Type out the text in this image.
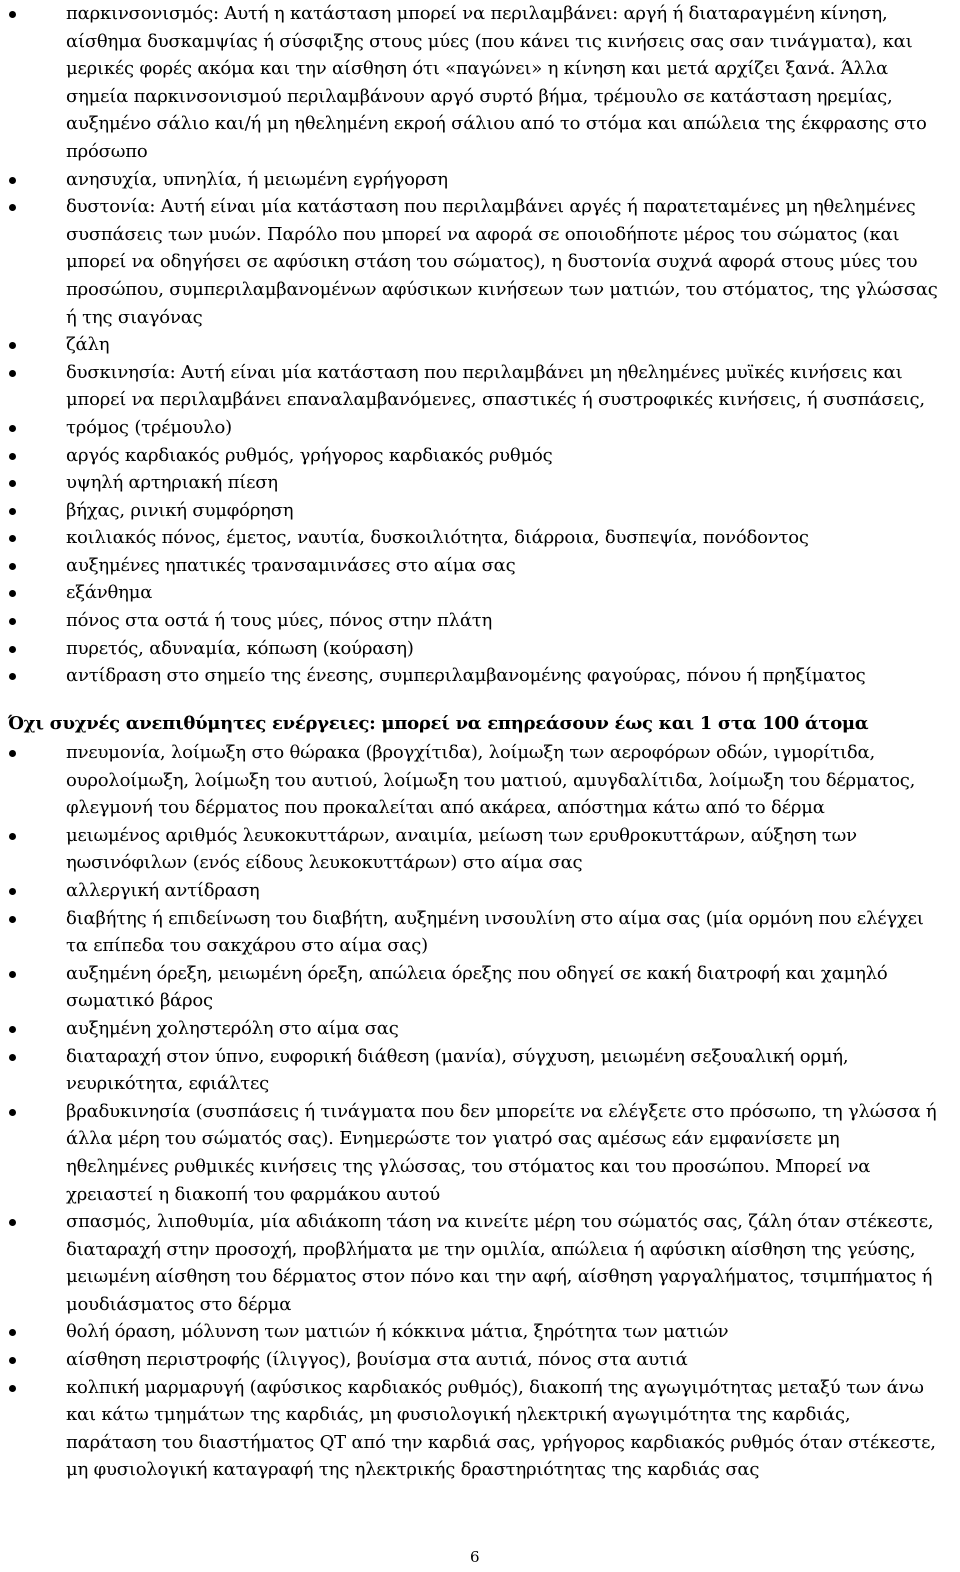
παρκινσονισμός: Αυτή η κατάσταση μπορεί να περιλαμβάνει: αργή ή διαταραγμένη κίνηση, αίσθημα δυσκαμψίας ή σύσφιξης στους μύες (που κάνει τις κινήσεις σας σαν τινάγματα), και μερικές φορές ακόμα και την αίσθηση ότι «παγώνει» η κίνηση και μετά αρχίζει ξανά. Άλλα σημεία παρκινσονισμού περιλαμβάνουν αργό συρτό βήμα, τρέμουλο σε κατάσταση ηρεμίας, αυξημένο σάλιο και/ή μη ηθελημένη εκροή σάλιου από το στόμα και απώλεια της έκφρασης στο πρόσωπο
ανησυχία, υπνηλία, ή μειωμένη εγρήγορση
δυστονία: Αυτή είναι μία κατάσταση που περιλαμβάνει αργές ή παρατεταμένες μη ηθελημένες συσπάσεις των μυών. Παρόλο που μπορεί να αφορά σε οποιοδήποτε μέρος του σώματος (και μπορεί να οδηγήσει σε αφύσικη στάση του σώματος), η δυστονία συχνά αφορά στους μύες του προσώπου, συμπεριλαμβανομένων αφύσικων κινήσεων των ματιών, του στόματος, της γλώσσας ή της σιαγόνας
ζάλη
δυσκινησία: Αυτή είναι μία κατάσταση που περιλαμβάνει μη ηθελημένες μυϊκές κινήσεις και μπορεί να περιλαμβάνει επαναλαμβανόμενες, σπαστικές ή συστροφικές κινήσεις, ή συσπάσεις,
τρόμος (τρέμουλο)
αργός καρδιακός ρυθμός, γρήγορος καρδιακός ρυθμός
υψηλή αρτηριακή πίεση
βήχας, ρινική συμφόρηση
κοιλιακός πόνος, έμετος, ναυτία, δυσκοιλιότητα, διάρροια, δυσπεψία, πονόδοντος
αυξημένες ηπατικές τρανσαμινάσες στο αίμα σας
εξάνθημα
πόνος στα οστά ή τους μύες, πόνος στην πλάτη
πυρετός, αδυναμία, κόπωση (κούραση)
αντίδραση στο σημείο της ένεσης, συμπεριλαμβανομένης φαγούρας, πόνου ή πρηξίματος

Όχι συχνές ανεπιθύμητες ενέργειες: μπορεί να επηρεάσουν έως και 1 στα 100 άτομα

πνευμονία, λοίμωξη στο θώρακα (βρογχίτιδα), λοίμωξη των αεροφόρων οδών, ιγμορίτιδα, ουρολοίμωξη, λοίμωξη του αυτιού, λοίμωξη του ματιού, αμυγδαλίτιδα, λοίμωξη του δέρματος, φλεγμονή του δέρματος που προκαλείται από ακάρεα, απόστημα κάτω από το δέρμα
μειωμένος αριθμός λευκοκυττάρων, αναιμία, μείωση των ερυθροκυττάρων, αύξηση των ηωσινόφιλων (ενός είδους λευκοκυττάρων) στο αίμα σας
αλλεργική αντίδραση
διαβήτης ή επιδείνωση του διαβήτη, αυξημένη ινσουλίνη στο αίμα σας (μία ορμόνη που ελέγχει τα επίπεδα του σακχάρου στο αίμα σας)
αυξημένη όρεξη, μειωμένη όρεξη, απώλεια όρεξης που οδηγεί σε κακή διατροφή και χαμηλό σωματικό βάρος
αυξημένη χοληστερόλη στο αίμα σας
διαταραχή στον ύπνο, ευφορική διάθεση (μανία), σύγχυση, μειωμένη σεξουαλική ορμή, νευρικότητα, εφιάλτες
βραδυκινησία (συσπάσεις ή τινάγματα που δεν μπορείτε να ελέγξετε στο πρόσωπο, τη γλώσσα ή άλλα μέρη του σώματός σας). Ενημερώστε τον γιατρό σας αμέσως εάν εμφανίσετε μη ηθελημένες ρυθμικές κινήσεις της γλώσσας, του στόματος και του προσώπου. Μπορεί να χρειαστεί η διακοπή του φαρμάκου αυτού
σπασμός, λιποθυμία, μία αδιάκοπη τάση να κινείτε μέρη του σώματός σας, ζάλη όταν στέκεστε, διαταραχή στην προσοχή, προβλήματα με την ομιλία, απώλεια ή αφύσικη αίσθηση της γεύσης, μειωμένη αίσθηση του δέρματος στον πόνο και την αφή, αίσθηση γαργαλήματος, τσιμπήματος ή μουδιάσματος στο δέρμα
θολή όραση, μόλυνση των ματιών ή κόκκινα μάτια, ξηρότητα των ματιών
αίσθηση περιστροφής (ίλιγγος), βουίσμα στα αυτιά, πόνος στα αυτιά
κολπική μαρμαρυγή (αφύσικος καρδιακός ρυθμός), διακοπή της αγωγιμότητας μεταξύ των άνω και κάτω τμημάτων της καρδιάς, μη φυσιολογική ηλεκτρική αγωγιμότητα της καρδιάς, παράταση του διαστήματος QT από την καρδιά σας, γρήγορος καρδιακός ρυθμός όταν στέκεστε, μη φυσιολογική καταγραφή της ηλεκτρικής δραστηριότητας της καρδιάς σας
6
